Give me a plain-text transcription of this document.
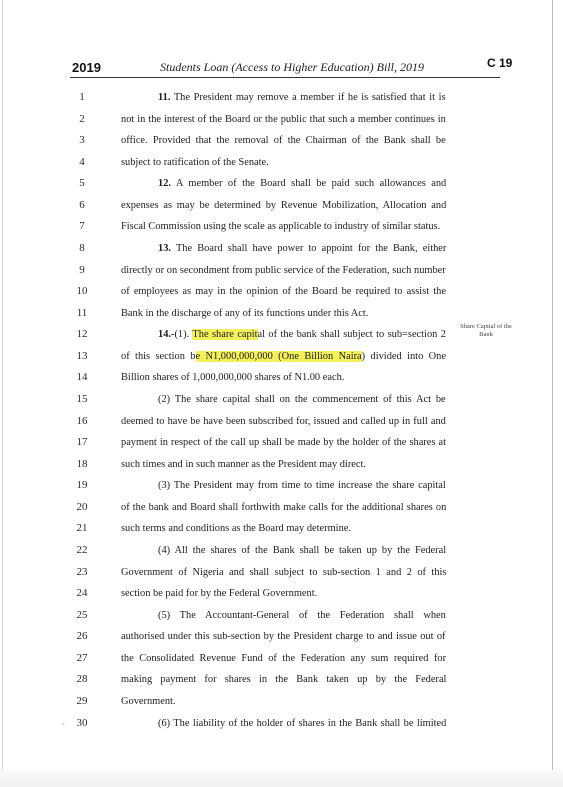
2019	Students Loan (Access to Higher Education) Bill, 2019	C 19
1	11. The President may remove a member if he is satisfied that it is
2	not in the interest of the Board or the public that such a member continues in
3	office. Provided that the removal of the Chairman of the Bank shall be
4	subject to ratification of the Senate.
5	12. A member of the Board shall be paid such allowances and
6	expenses as may be determined by Revenue Mobilization, Allocation and
7	Fiscal Commission using the scale as applicable to industry of similar status.
8	13. The Board shall have power to appoint for the Bank, either
9	directly or on secondment from public service of the Federation, such number
10	of employees as may in the opinion of the Board be required to assist the
11	Bank in the discharge of any of its functions under this Act.
12	14.-(1). The share capital of the bank shall subject to sub=section 2
13	of this section be N1,000,000,000 (One Billion Naira) divided into One
14	Billion shares of 1,000,000,000 shares of N1.00 each.
15	(2) The share capital shall on the commencement of this Act be
16	deemed to have be have been subscribed for, issued and called up in full and
17	payment in respect of the call up shall be made by the holder of the shares at
18	such times and in such manner as the President may direct.
19	(3) The President may from time to time increase the share capital
20	of the bank and Board shall forthwith make calls for the additional shares on
21	such terms and conditions as the Board may determine.
22	(4) All the shares of the Bank shall be taken up by the Federal
23	Government of Nigeria and shall subject to sub-section 1 and 2 of this
24	section be paid for by the Federal Government.
25	(5) The Accountant-General of the Federation shall when
26	authorised under this sub-section by the President charge to and issue out of
27	the Consolidated Revenue Fund of the Federation any sum required for
28	making payment for shares in the Bank taken up by the Federal
29	Government.
30	(6) The liability of the holder of shares in the Bank shall be limited
Share Capital of the Bank
ˇ
